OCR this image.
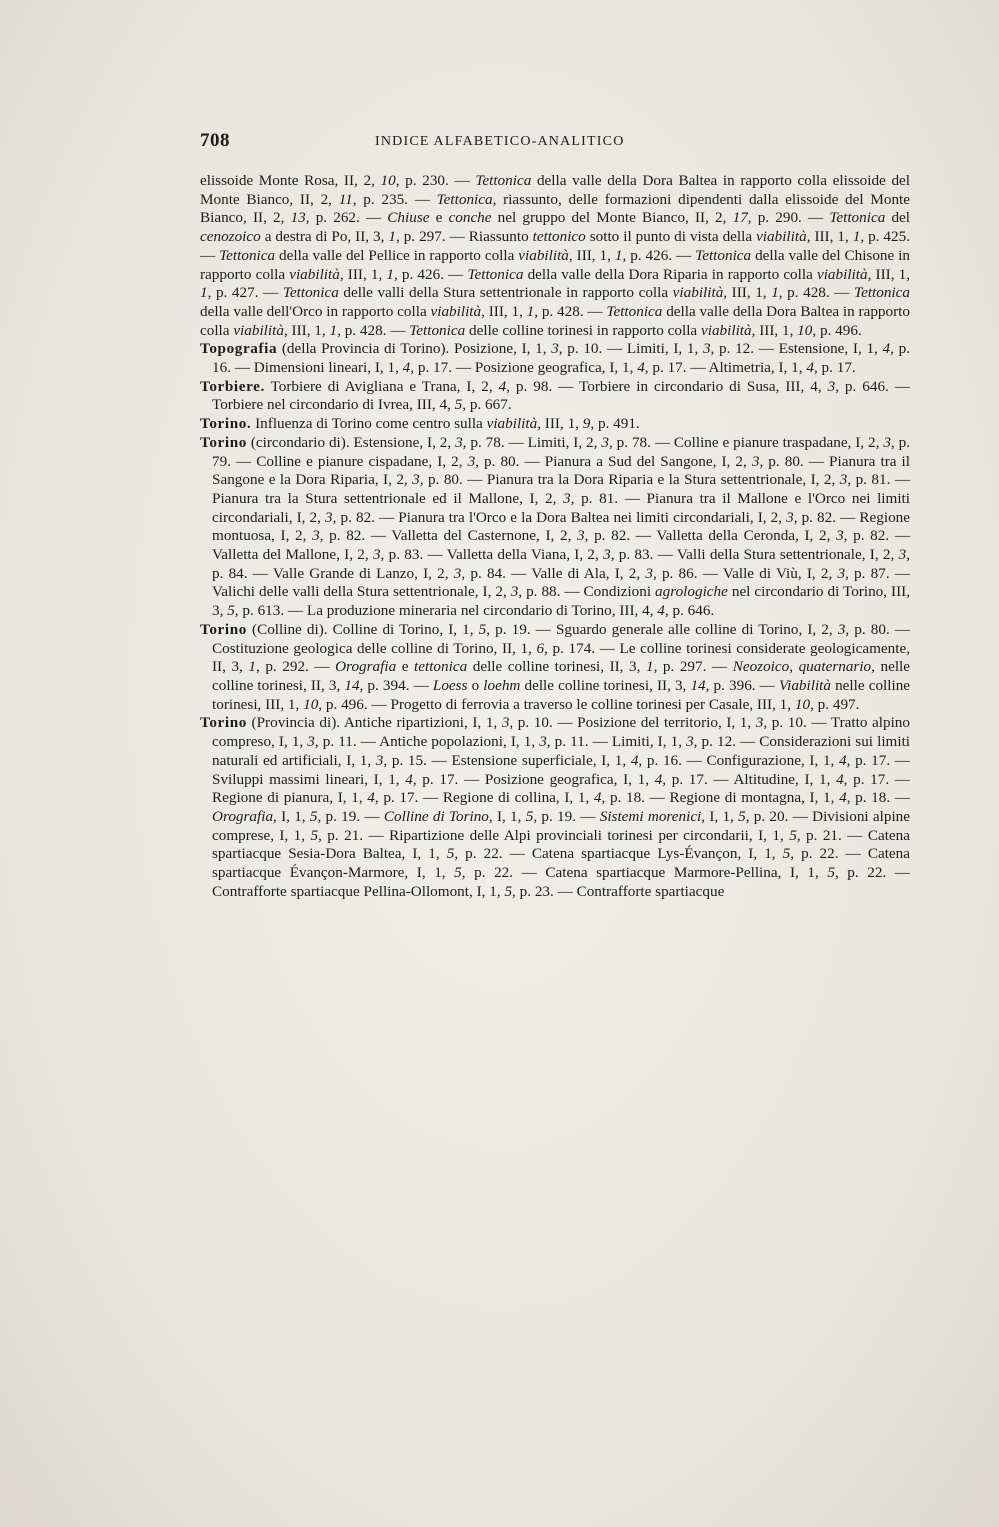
708	INDICE ALFABETICO-ANALITICO

elissoide Monte Rosa, II, 2, 10, p. 230. — Tettonica della valle della Dora Baltea in rapporto colla elissoide del Monte Bianco, II, 2, 11, p. 235. — Tettonica, riassunto, delle formazioni dipendenti dalla elissoide del Monte Bianco, II, 2, 13, p. 262. — Chiuse e conche nel gruppo del Monte Bianco, II, 2, 17, p. 290. — Tettonica del cenozoico a destra di Po, II, 3, 1, p. 297. — Riassunto tettonico sotto il punto di vista della viabilità, III, 1, 1, p. 425. — Tettonica della valle del Pellice in rapporto colla viabilità, III, 1, 1, p. 426. — Tettonica della valle del Chisone in rapporto colla viabilità, III, 1, 1, p. 426. — Tettonica della valle della Dora Riparia in rapporto colla viabilità, III, 1, 1, p. 427. — Tettonica delle valli della Stura settentrionale in rapporto colla viabilità, III, 1, 1, p. 428. — Tettonica della valle dell'Orco in rapporto colla viabilità, III, 1, 1, p. 428. — Tettonica della valle della Dora Baltea in rapporto colla viabilità, III, 1, 1, p. 428. — Tettonica delle colline torinesi in rapporto colla viabilità, III, 1, 10, p. 496.

Topografia (della Provincia di Torino). Posizione, I, 1, 3, p. 10. — Limiti, I, 1, 3, p. 12. — Estensione, I, 1, 4, p. 16. — Dimensioni lineari, I, 1, 4, p. 17. — Posizione geografica, I, 1, 4, p. 17. — Altimetria, I, 1, 4, p. 17.

Torbiere. Torbiere di Avigliana e Trana, I, 2, 4, p. 98. — Torbiere in circondario di Susa, III, 4, 3, p. 646. — Torbiere nel circondario di Ivrea, III, 4, 5, p. 667.

Torino. Influenza di Torino come centro sulla viabilità, III, 1, 9, p. 491.

Torino (circondario di). Estensione, I, 2, 3, p. 78. — Limiti, I, 2, 3, p. 78. — Colline e pianure traspadane, I, 2, 3, p. 79. — Colline e pianure cispadane, I, 2, 3, p. 80. — Pianura a Sud del Sangone, I, 2, 3, p. 80. — Pianura tra il Sangone e la Dora Riparia, I, 2, 3, p. 80. — Pianura tra la Dora Riparia e la Stura settentrionale, I, 2, 3, p. 81. — Pianura tra la Stura settentrionale ed il Mallone, I, 2, 3, p. 81. — Pianura tra il Mallone e l'Orco nei limiti circondariali, I, 2, 3, p. 82. — Pianura tra l'Orco e la Dora Baltea nei limiti circondariali, I, 2, 3, p. 82. — Regione montuosa, I, 2, 3, p. 82. — Valletta del Casternone, I, 2, 3, p. 82. — Valletta della Ceronda, I, 2, 3, p. 82. — Valletta del Mallone, I, 2, 3, p. 83. — Valletta della Viana, I, 2, 3, p. 83. — Valli della Stura settentrionale, I, 2, 3, p. 84. — Valle Grande di Lanzo, I, 2, 3, p. 84. — Valle di Ala, I, 2, 3, p. 86. — Valle di Viù, I, 2, 3, p. 87. — Valichi delle valli della Stura settentrionale, I, 2, 3, p. 88. — Condizioni agrologiche nel circondario di Torino, III, 3, 5, p. 613. — La produzione mineraria nel circondario di Torino, III, 4, 4, p. 646.

Torino (Colline di). Colline di Torino, I, 1, 5, p. 19. — Sguardo generale alle colline di Torino, I, 2, 3, p. 80. — Costituzione geologica delle colline di Torino, II, 1, 6, p. 174. — Le colline torinesi considerate geologicamente, II, 3, 1, p. 292. — Orografia e tettonica delle colline torinesi, II, 3, 1, p. 297. — Neozoico, quaternario, nelle colline torinesi, II, 3, 14, p. 394. — Loess o loehm delle colline torinesi, II, 3, 14, p. 396. — Viabilità nelle colline torinesi, III, 1, 10, p. 496. — Progetto di ferrovia a traverso le colline torinesi per Casale, III, 1, 10, p. 497.

Torino (Provincia di). Antiche ripartizioni, I, 1, 3, p. 10. — Posizione del territorio, I, 1, 3, p. 10. — Tratto alpino compreso, I, 1, 3, p. 11. — Antiche popolazioni, I, 1, 3, p. 11. — Limiti, I, 1, 3, p. 12. — Considerazioni sui limiti naturali ed artificiali, I, 1, 3, p. 15. — Estensione superficiale, I, 1, 4, p. 16. — Configurazione, I, 1, 4, p. 17. — Sviluppi massimi lineari, I, 1, 4, p. 17. — Posizione geografica, I, 1, 4, p. 17. — Altitudine, I, 1, 4, p. 17. — Regione di pianura, I, 1, 4, p. 17. — Regione di collina, I, 1, 4, p. 18. — Regione di montagna, I, 1, 4, p. 18. — Orografia, I, 1, 5, p. 19. — Colline di Torino, I, 1, 5, p. 19. — Sistemi morenici, I, 1, 5, p. 20. — Divisioni alpine comprese, I, 1, 5, p. 21. — Ripartizione delle Alpi provinciali torinesi per circondarii, I, 1, 5, p. 21. — Catena spartiacque Sesia-Dora Baltea, I, 1, 5, p. 22. — Catena spartiacque Lys-Évançon, I, 1, 5, p. 22. — Catena spartiacque Évançon-Marmore, I, 1, 5, p. 22. — Catena spartiacque Marmore-Pellina, I, 1, 5, p. 22. — Contrafforte spartiacque Pellina-Ollomont, I, 1, 5, p. 23. — Contrafforte spartiacque
